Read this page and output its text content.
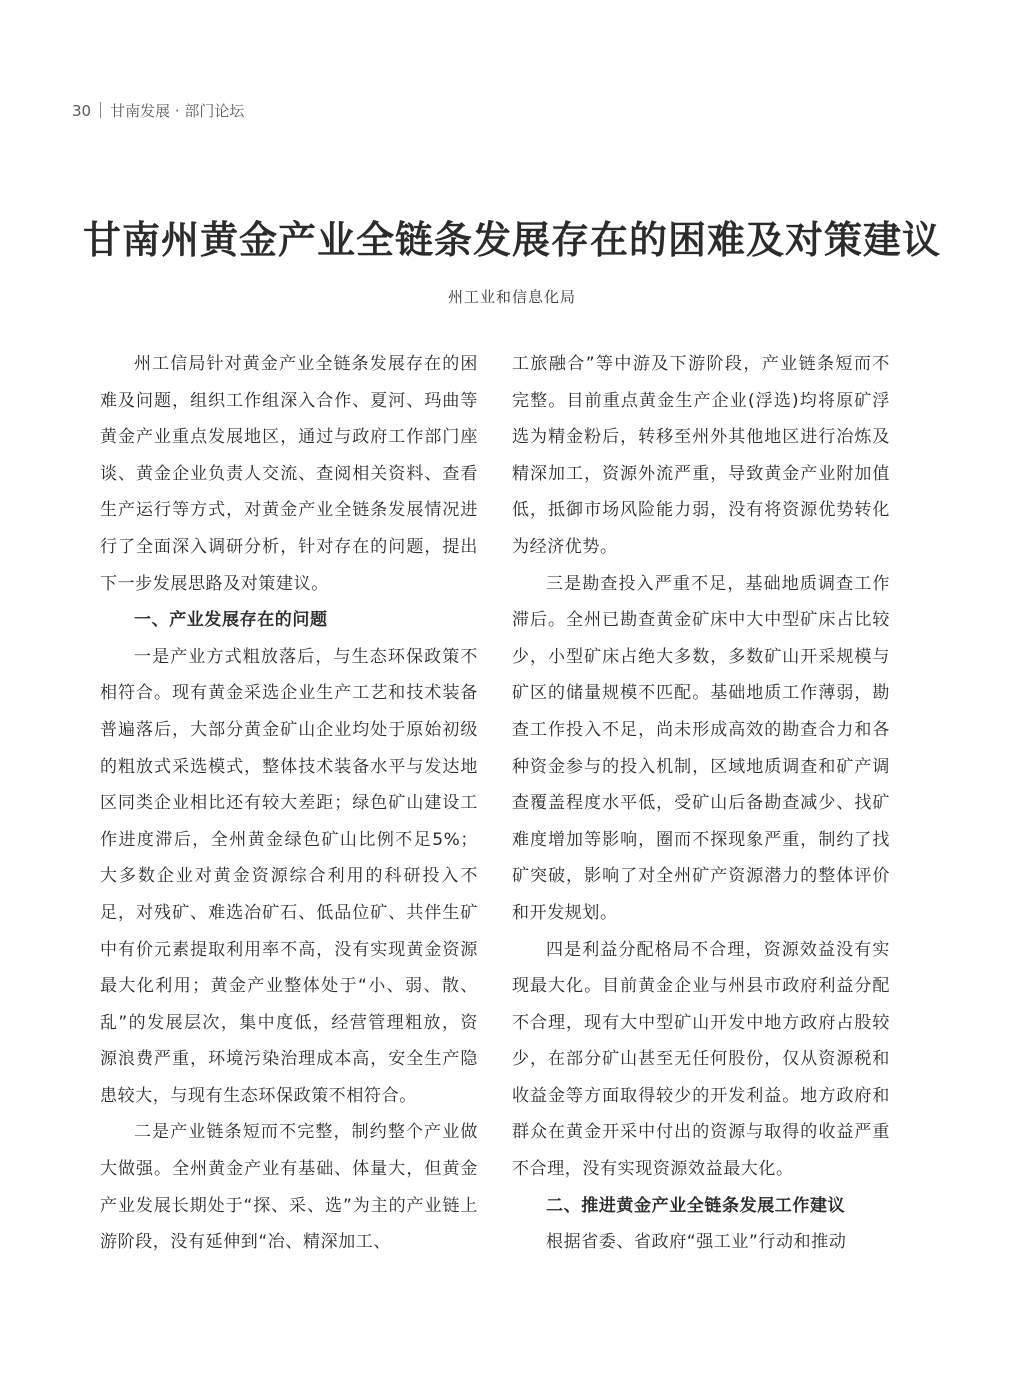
30 甘南发展 · 部门论坛
甘南州黄金产业全链条发展存在的困难及对策建议
州工业和信息化局

州工信局针对黄金产业全链条发展存在的困难及问题，组织工作组深入合作、夏河、玛曲等黄金产业重点发展地区，通过与政府工作部门座谈、黄金企业负责人交流、查阅相关资料、查看生产运行等方式，对黄金产业全链条发展情况进行了全面深入调研分析，针对存在的问题，提出下一步发展思路及对策建议。

一、产业发展存在的问题

一是产业方式粗放落后，与生态环保政策不相符合。现有黄金采选企业生产工艺和技术装备普遍落后，大部分黄金矿山企业均处于原始初级的粗放式采选模式，整体技术装备水平与发达地区同类企业相比还有较大差距；绿色矿山建设工作进度滞后，全州黄金绿色矿山比例不足5%；大多数企业对黄金资源综合利用的科研投入不足，对残矿、难选冶矿石、低品位矿、共伴生矿中有价元素提取利用率不高，没有实现黄金资源最大化利用；黄金产业整体处于“小、弱、散、乱”的发展层次，集中度低，经营管理粗放，资源浪费严重，环境污染治理成本高，安全生产隐患较大，与现有生态环保政策不相符合。

二是产业链条短而不完整，制约整个产业做大做强。全州黄金产业有基础、体量大，但黄金产业发展长期处于“探、采、选”为主的产业链上游阶段，没有延伸到“冶、精深加工、

工旅融合”等中游及下游阶段，产业链条短而不完整。目前重点黄金生产企业(浮选)均将原矿浮选为精金粉后，转移至州外其他地区进行冶炼及精深加工，资源外流严重，导致黄金产业附加值低，抵御市场风险能力弱，没有将资源优势转化为经济优势。

三是勘查投入严重不足，基础地质调查工作滞后。全州已勘查黄金矿床中大中型矿床占比较少，小型矿床占绝大多数，多数矿山开采规模与矿区的储量规模不匹配。基础地质工作薄弱，勘查工作投入不足，尚未形成高效的勘查合力和各种资金参与的投入机制，区域地质调查和矿产调查覆盖程度水平低，受矿山后备勘查减少、找矿难度增加等影响，圈而不探现象严重，制约了找矿突破，影响了对全州矿产资源潜力的整体评价和开发规划。

四是利益分配格局不合理，资源效益没有实现最大化。目前黄金企业与州县市政府利益分配不合理，现有大中型矿山开发中地方政府占股较少，在部分矿山甚至无任何股份，仅从资源税和收益金等方面取得较少的开发利益。地方政府和群众在黄金开采中付出的资源与取得的收益严重不合理，没有实现资源效益最大化。

二、推进黄金产业全链条发展工作建议

根据省委、省政府“强工业”行动和推动
